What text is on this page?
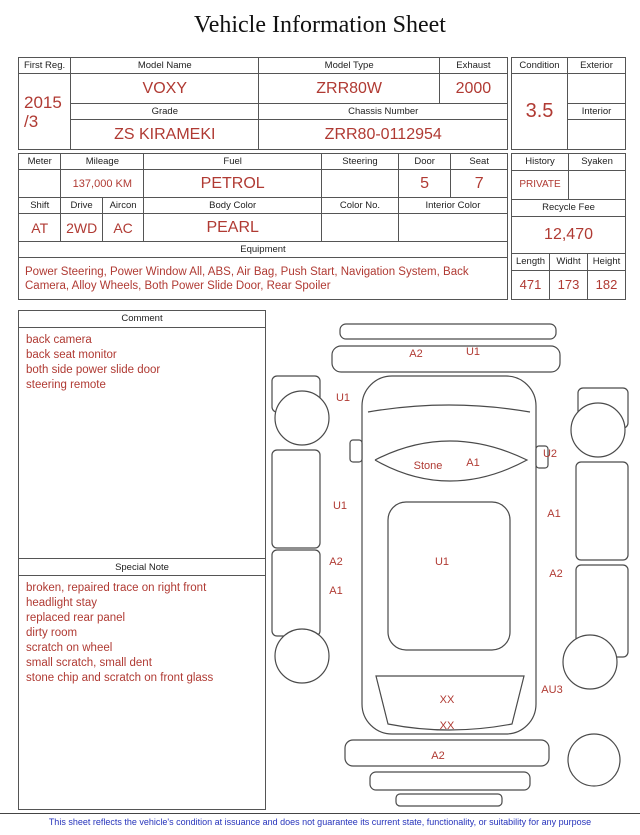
Vehicle Information Sheet
First Reg.	Model Name	Model Type	Exhaust

2015
/3	VOXY	ZRR80W	2000
	Grade	Chassis Number	
	ZS KIRAMEKI	ZRR80-0112954	
Condition	Exterior
3.5	
	Interior

Meter	Mileage		Fuel	Steering	Door	Seat
	137,000 KM		PETROL		5	7
Shift	Drive	Aircon	Body Color	Color No.	Interior Color	
AT	2WD	AC	PEARL			
Equipment						
Power Steering, Power Window All, ABS, Air Bag, Push Start, Navigation System, Back Camera, Alloy Wheels, Both Power Slide Door, Rear Spoiler						
History		Syaken	
PRIVATE			
Recycle Fee			
12,470			
Length	Widht		Height
471	173		182
Comment
back camera
back seat monitor
both side power slide door
steering remote
Special Note
broken, repaired trace on right front
headlight stay
replaced rear panel
dirty room
scratch on wheel
small scratch, small dent
stone chip and scratch on front glass
A2	U1
U1
U2
Stone A1
U1
A1
A2
A1
U1
A2
XX
XX
A2
AU3
This sheet reflects the vehicle's condition at issuance and does not guarantee its current state, functionality, or suitability for any purpose
